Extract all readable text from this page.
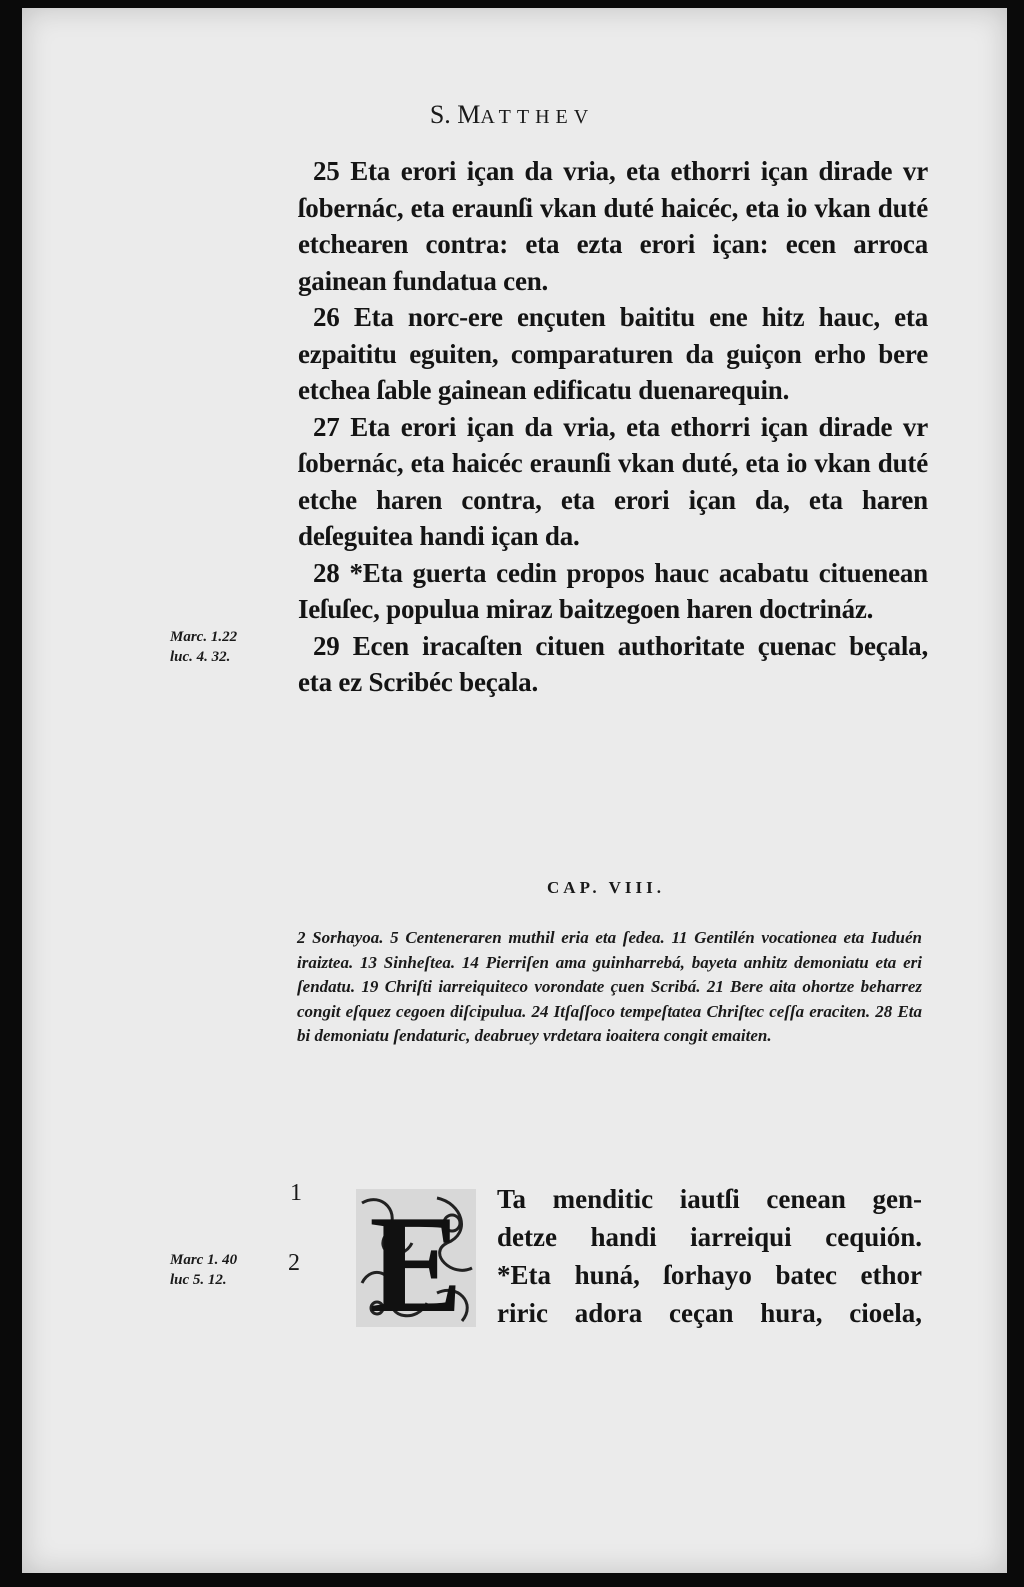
S. MATTHEV

25 Eta erori içan da vria, eta ethorri içan dirade vr ſobernác, eta eraunſi vkan duté haicéc, eta io vkan duté etchearen contra: eta ezta erori içan: ecen arroca gainean fundatua cen.

26 Eta norc-ere ençuten baititu ene hitz hauc, eta ezpaititu eguiten, comparaturen da guiçon erho bere etchea ſable gainean edificatu duenarequin.

27 Eta erori içan da vria, eta ethorri içan dirade vr ſobernác, eta haicéc eraunſi vkan duté, eta io vkan duté etche haren contra, eta erori içan da, eta haren deſeguitea handi içan da.

28 *Eta guerta cedin propos hauc acabatu cituenean Ieſuſec, populua miraz baitzegoen haren doctrináz.

29 Ecen iracaſten cituen authoritate çuenac beçala, eta ez Scribéc beçala.

Marc. 1.22
luc. 4. 32.
CAP. VIII.
2 Sorhayoa. 5 Centeneraren muthil eria eta ſedea. 11 Gentilén vocationea eta Iuduén iraiztea. 13 Sinheſtea. 14 Pierriſen ama guinharrebá, bayeta anhitz demoniatu eta eri ſendatu. 19 Chriſti iarreiquiteco vorondate çuen Scribá. 21 Bere aita ohortze beharrez congit eſquez cegoen diſcipulua. 24 Itſaſſoco tempeſtatea Chriſtec ceſſa eraciten. 28 Eta bi demoniatu ſendaturic, deabruey vrdetara ioaitera congit emaiten.
1
2
Marc 1. 40
luc 5. 12. E Ta menditic iautſi cenean gen-
detze handi iarreiqui cequión.
*Eta huná, ſorhayo batec ethor
riric adora ceçan hura, cioela,
